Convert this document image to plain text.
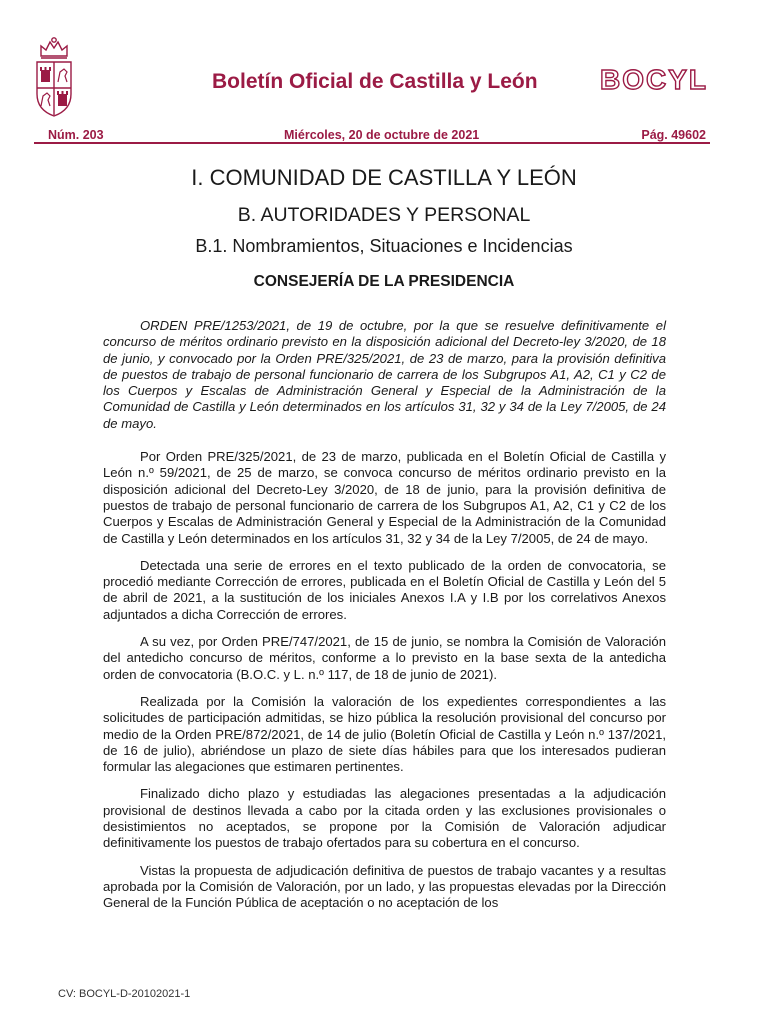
Boletín Oficial de Castilla y León BOCYL
Núm. 203	Miércoles, 20 de octubre de 2021	Pág. 49602
I. COMUNIDAD DE CASTILLA Y LEÓN
B. AUTORIDADES Y PERSONAL
B.1. Nombramientos, Situaciones e Incidencias
CONSEJERÍA DE LA PRESIDENCIA

ORDEN PRE/1253/2021, de 19 de octubre, por la que se resuelve definitivamente el concurso de méritos ordinario previsto en la disposición adicional del Decreto-ley 3/2020, de 18 de junio, y convocado por la Orden PRE/325/2021, de 23 de marzo, para la provisión definitiva de puestos de trabajo de personal funcionario de carrera de los Subgrupos A1, A2, C1 y C2 de los Cuerpos y Escalas de Administración General y Especial de la Administración de la Comunidad de Castilla y León determinados en los artículos 31, 32 y 34 de la Ley 7/2005, de 24 de mayo.

Por Orden PRE/325/2021, de 23 de marzo, publicada en el Boletín Oficial de Castilla y León n.º 59/2021, de 25 de marzo, se convoca concurso de méritos ordinario previsto en la disposición adicional del Decreto-Ley 3/2020, de 18 de junio, para la provisión definitiva de puestos de trabajo de personal funcionario de carrera de los Subgrupos A1, A2, C1 y C2 de los Cuerpos y Escalas de Administración General y Especial de la Administración de la Comunidad de Castilla y León determinados en los artículos 31, 32 y 34 de la Ley 7/2005, de 24 de mayo.

Detectada una serie de errores en el texto publicado de la orden de convocatoria, se procedió mediante Corrección de errores, publicada en el Boletín Oficial de Castilla y León del 5 de abril de 2021, a la sustitución de los iniciales Anexos I.A y I.B por los correlativos Anexos adjuntados a dicha Corrección de errores.

A su vez, por Orden PRE/747/2021, de 15 de junio, se nombra la Comisión de Valoración del antedicho concurso de méritos, conforme a lo previsto en la base sexta de la antedicha orden de convocatoria (B.O.C. y L. n.º 117, de 18 de junio de 2021).

Realizada por la Comisión la valoración de los expedientes correspondientes a las solicitudes de participación admitidas, se hizo pública la resolución provisional del concurso por medio de la Orden PRE/872/2021, de 14 de julio (Boletín Oficial de Castilla y León n.º 137/2021, de 16 de julio), abriéndose un plazo de siete días hábiles para que los interesados pudieran formular las alegaciones que estimaren pertinentes.

Finalizado dicho plazo y estudiadas las alegaciones presentadas a la adjudicación provisional de destinos llevada a cabo por la citada orden y las exclusiones provisionales o desistimientos no aceptados, se propone por la Comisión de Valoración adjudicar definitivamente los puestos de trabajo ofertados para su cobertura en el concurso.

Vistas la propuesta de adjudicación definitiva de puestos de trabajo vacantes y a resultas aprobada por la Comisión de Valoración, por un lado, y las propuestas elevadas por la Dirección General de la Función Pública de aceptación o no aceptación de los

CV: BOCYL-D-20102021-1
